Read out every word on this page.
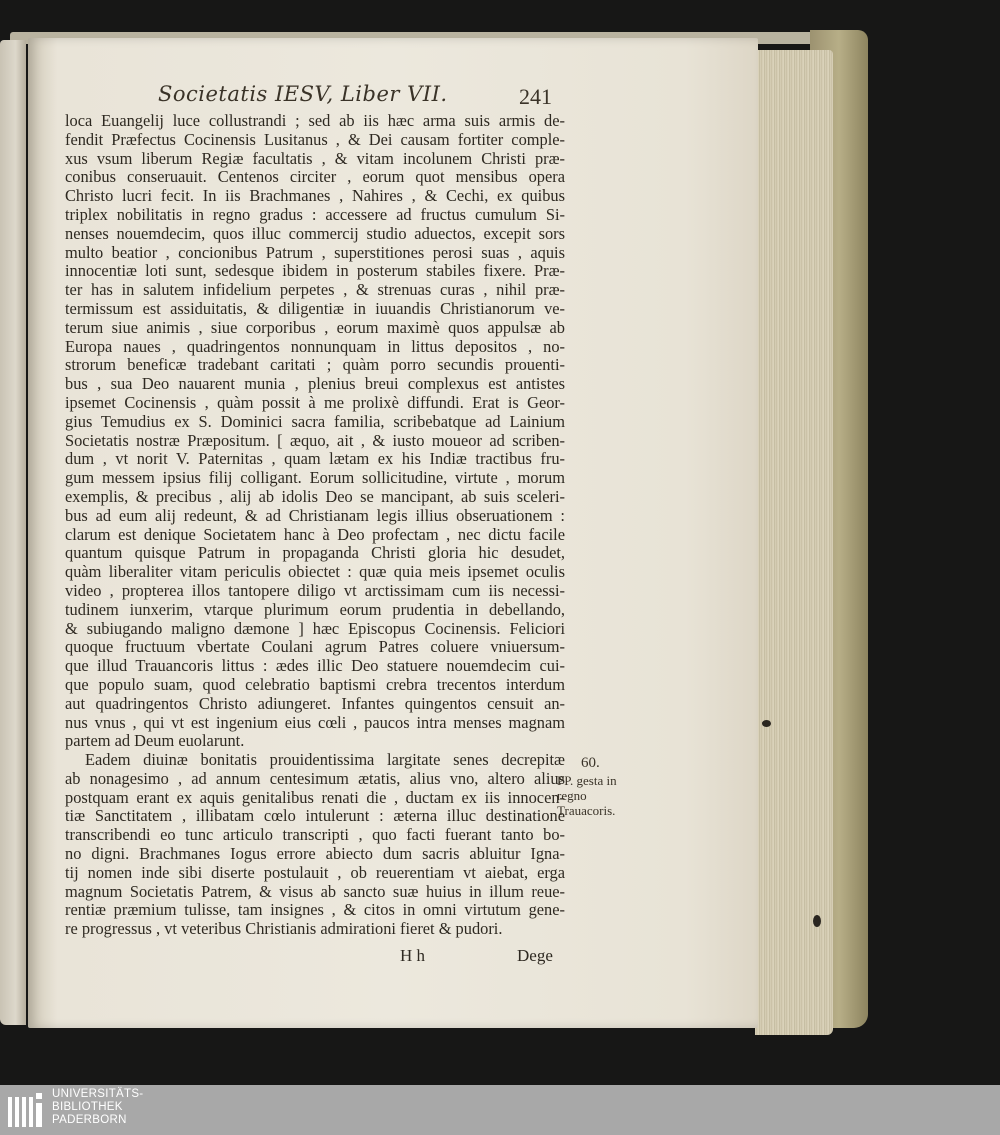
Societatis IESV, Liber VII.	241
loca Euangelij luce collustrandi ; sed ab iis hæc arma suis armis de-
fendit Præfectus Cocinensis Lusitanus , & Dei causam fortiter comple-
xus vsum liberum Regiæ facultatis , & vitam incolunem Christi præ-
conibus conseruauit. Centenos circiter , eorum quot mensibus opera
Christo lucri fecit. In iis Brachmanes , Nahires , & Cechi, ex quibus
triplex nobilitatis in regno gradus : accessere ad fructus cumulum Si-
nenses nouemdecim, quos illuc commercij studio aduectos, excepit sors
multo beatior , concionibus Patrum , superstitiones perosi suas , aquis
innocentiæ loti sunt, sedesque ibidem in posterum stabiles fixere. Præ-
ter has in salutem infidelium perpetes , & strenuas curas , nihil præ-
termissum est assiduitatis, & diligentiæ in iuuandis Christianorum ve-
terum siue animis , siue corporibus , eorum maximè quos appulsæ ab
Europa naues , quadringentos nonnunquam in littus depositos , no-
strorum beneficæ tradebant caritati ; quàm porro secundis prouenti-
bus , sua Deo nauarent munia , plenius breui complexus est antistes
ipsemet Cocinensis , quàm possit à me prolixè diffundi. Erat is Geor-
gius Temudius ex S. Dominici sacra familia, scribebatque ad Lainium
Societatis nostræ Præpositum. [ æquo, ait , & iusto moueor ad scriben-
dum , vt norit V. Paternitas , quam lætam ex his Indiæ tractibus fru-
gum messem ipsius filij colligant. Eorum sollicitudine, virtute , morum
exemplis, & precibus , alij ab idolis Deo se mancipant, ab suis sceleri-
bus ad eum alij redeunt, & ad Christianam legis illius obseruationem :
clarum est denique Societatem hanc à Deo profectam , nec dictu facile
quantum quisque Patrum in propaganda Christi gloria hic desudet,
quàm liberaliter vitam periculis obiectet : quæ quia meis ipsemet oculis
video , propterea illos tantopere diligo vt arctissimam cum iis necessi-
tudinem iunxerim, vtarque plurimum eorum prudentia in debellando,
& subiugando maligno dæmone ] hæc Episcopus Cocinensis. Feliciori
quoque fructuum vbertate Coulani agrum Patres coluere vniuersum-
que illud Trauancoris littus : ædes illic Deo statuere nouemdecim cui-
que populo suam, quod celebratio baptismi crebra trecentos interdum
aut quadringentos Christo adiungeret. Infantes quingentos censuit an-
nus vnus , qui vt est ingenium eius cœli , paucos intra menses magnam
partem ad Deum euolarunt.
Eadem diuinæ bonitatis prouidentissima largitate senes decrepitæ
ab nonagesimo , ad annum centesimum ætatis, alius vno, altero alius
postquam erant ex aquis genitalibus renati die , ductam ex iis innocen-
tiæ Sanctitatem , illibatam cœlo intulerunt : æterna illuc destinatione
transcribendi eo tunc articulo transcripti , quo facti fuerant tanto bo-
no digni. Brachmanes Iogus errore abiecto dum sacris abluitur Igna-
tij nomen inde sibi diserte postulauit , ob reuerentiam vt aiebat, erga
magnum Societatis Patrem, & visus ab sancto suæ huius in illum reue-
rentiæ præmium tulisse, tam insignes , & citos in omni virtutum gene-
re progressus , vt veteribus Christianis admirationi fieret & pudori.
60.
PP. gesta in regno Trauacoris.
H h	Dege
UNIVERSITÄTS-
BIBLIOTHEK
PADERBORN
